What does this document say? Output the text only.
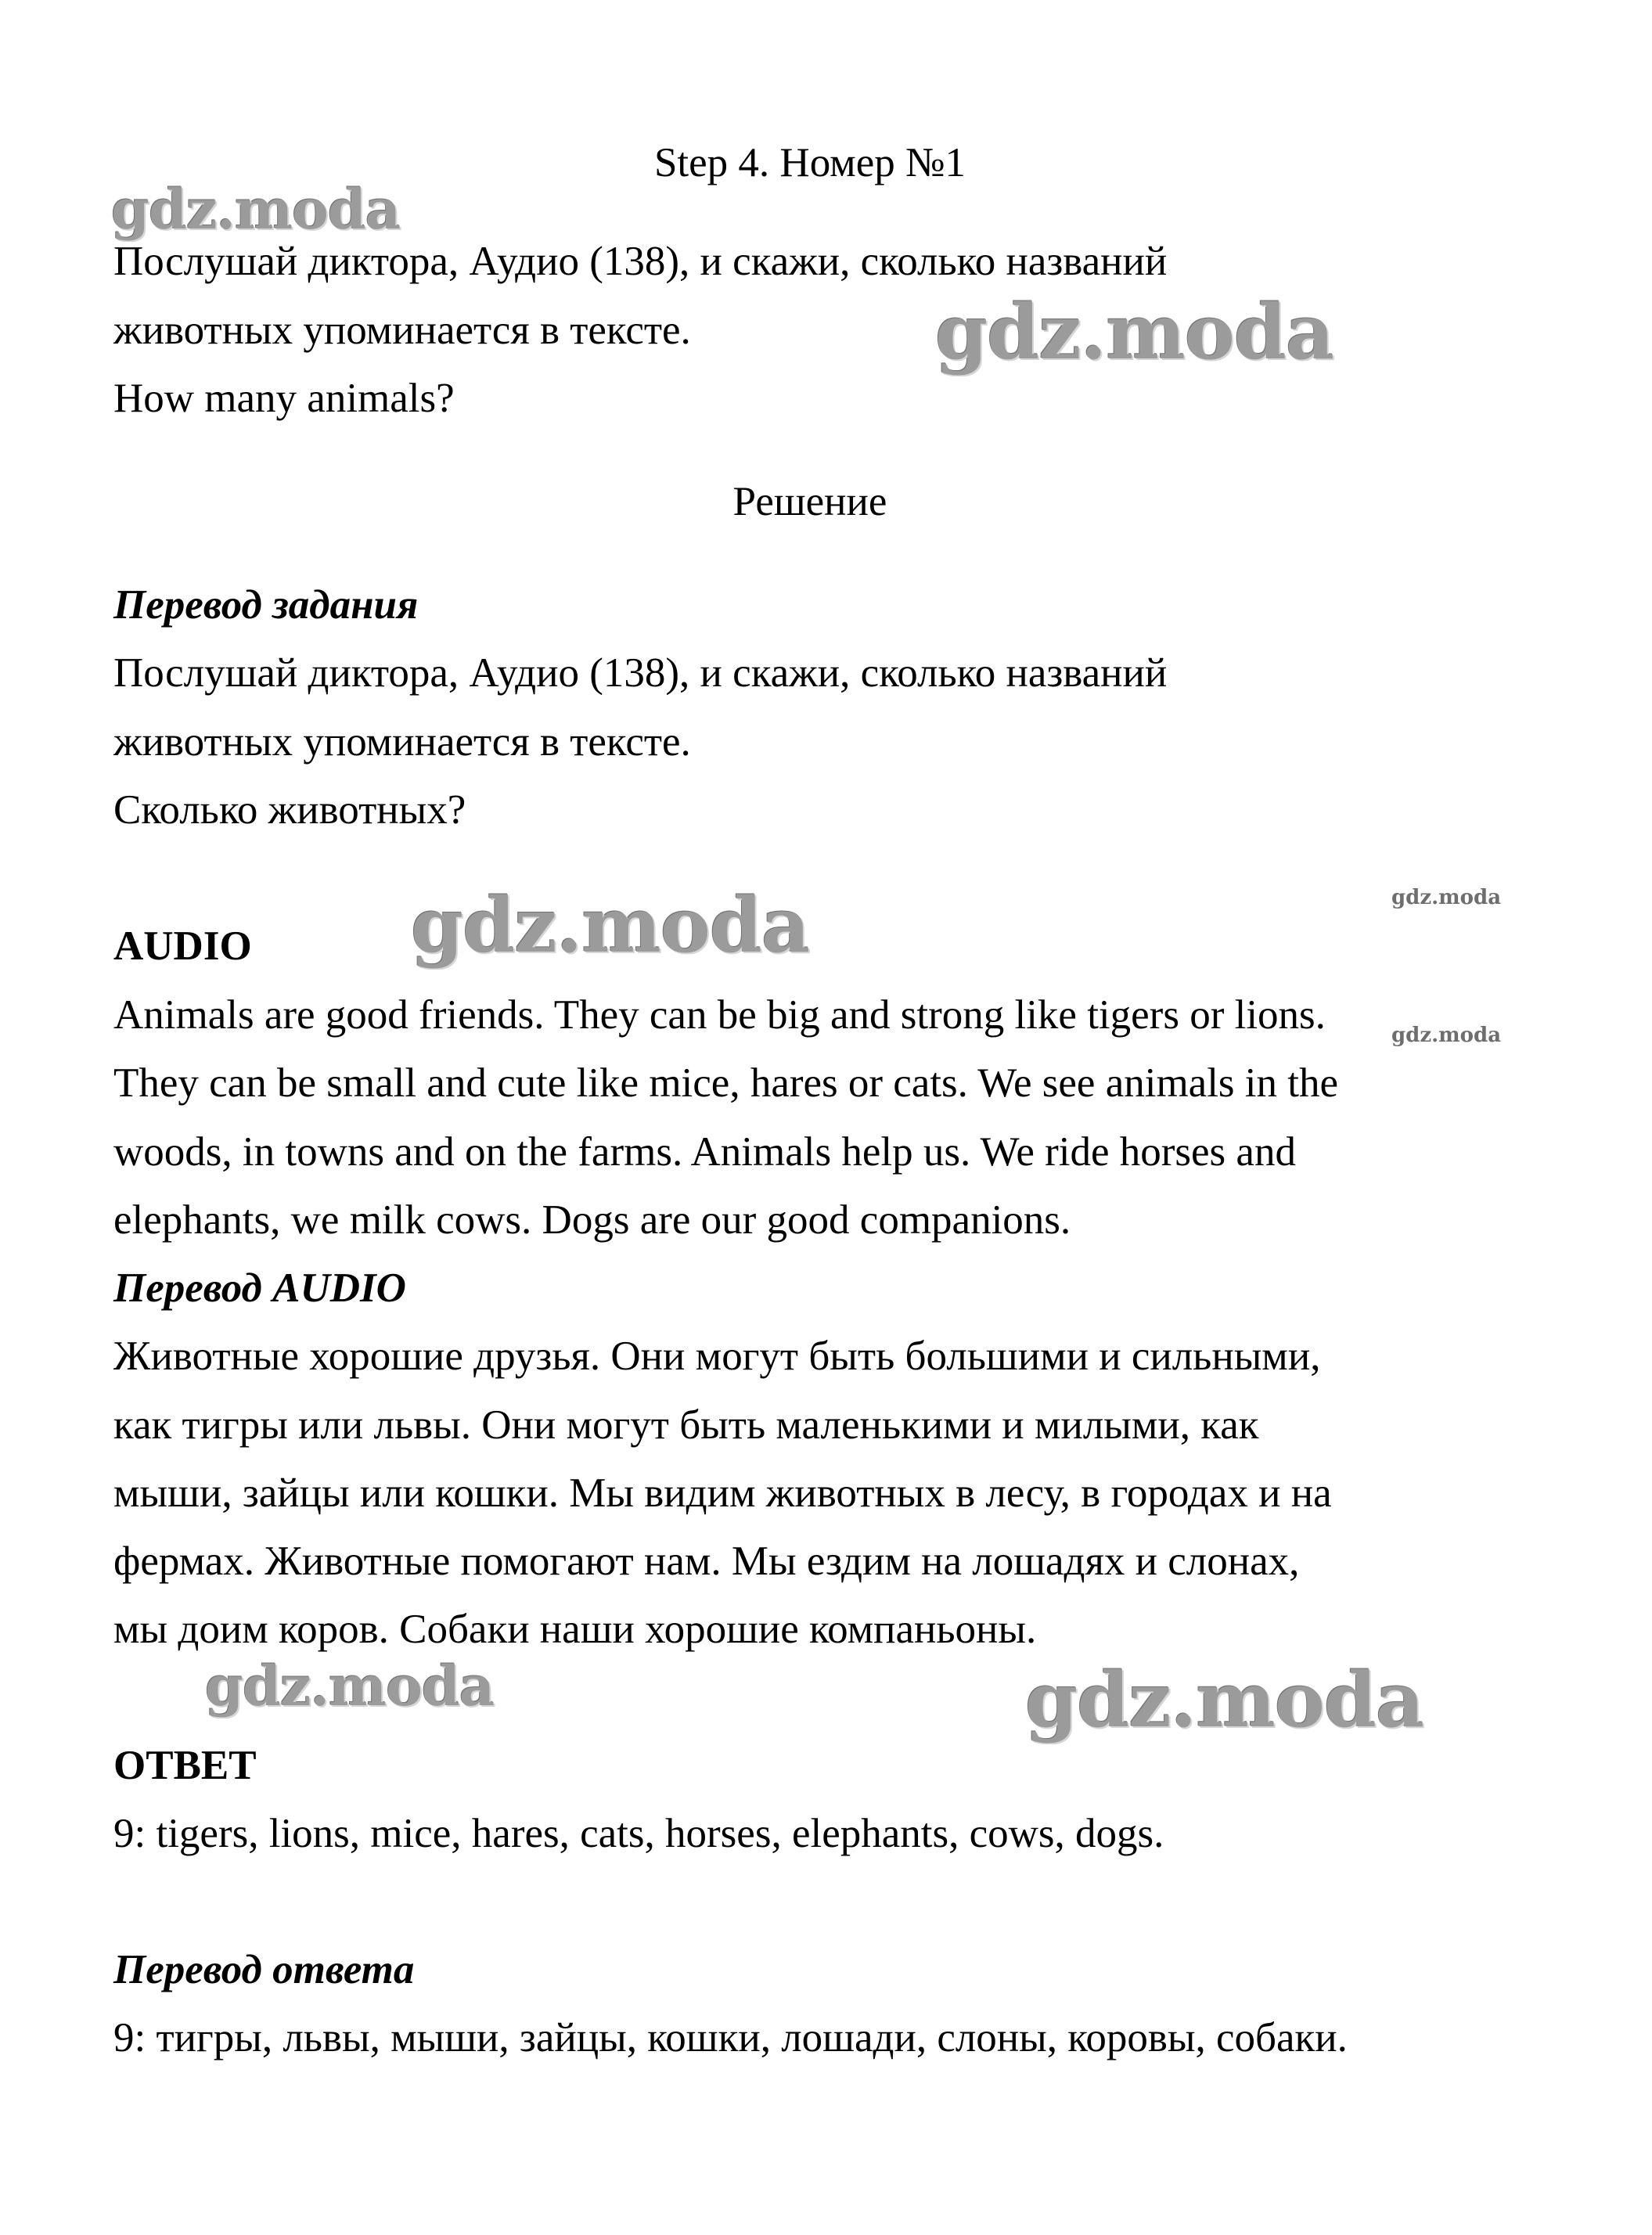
gdz.moda
gdz.moda
gdz.moda	gdz.moda
gdz.moda
gdz.moda	gdz.moda
Step 4. Номер №1
Послушай диктора, Аудио (138), и скажи, сколько названий
животных упоминается в тексте.
How many animals?
Решение
Перевод задания
Послушай диктора, Аудио (138), и скажи, сколько названий
животных упоминается в тексте.
Сколько животных?
AUDIO
Animals are good friends. They can be big and strong like tigers or lions.
They can be small and cute like mice, hares or cats. We see animals in the
woods, in towns and on the farms. Animals help us. We ride horses and
elephants, we milk cows. Dogs are our good companions.
Перевод AUDIO
Животные хорошие друзья. Они могут быть большими и сильными,
как тигры или львы. Они могут быть маленькими и милыми, как
мыши, зайцы или кошки. Мы видим животных в лесу, в городах и на
фермах. Животные помогают нам. Мы ездим на лошадях и слонах,
мы доим коров. Собаки наши хорошие компаньоны.
ОТВЕТ
9: tigers, lions, mice, hares, cats, horses, elephants, cows, dogs.
Перевод ответа
9: тигры, львы, мыши, зайцы, кошки, лошади, слоны, коровы, собаки.
